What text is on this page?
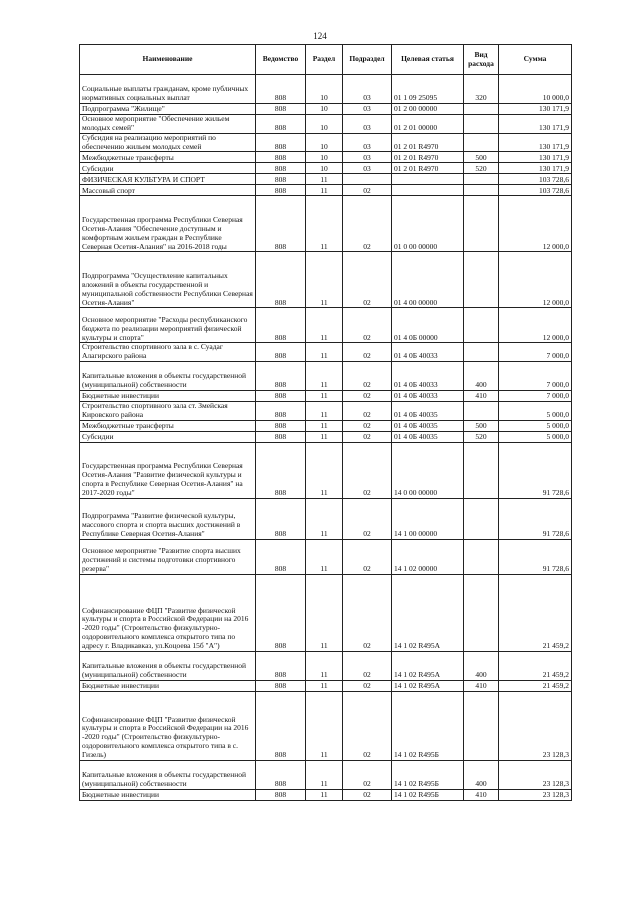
124
Наименование	Ведомство	Раздел	Подраздел	Целевая статья	Вид расхода	Сумма
Социальные выплаты гражданам, кроме публичных нормативных социальных выплат	808	10	03	01 1 09 25095	320	10 000,0
Подпрограмма "Жилище"	808	10	03	01 2 00 00000		130 171,9
Основное мероприятие "Обеспечение жильем молодых семей"	808	10	03	01 2 01 00000		130 171,9
Субсидия на реализацию мероприятий по обеспечению жильем молодых семей	808	10	03	01 2 01 R4970		130 171,9
Межбюджетные трансферты	808	10	03	01 2 01 R4970	500	130 171,9
Субсидии	808	10	03	01 2 01 R4970	520	130 171,9
ФИЗИЧЕСКАЯ КУЛЬТУРА И СПОРТ	808	11				103 728,6
Массовый спорт	808	11	02			103 728,6
Государственная программа Республики Северная Осетия-Алания "Обеспечение доступным и комфортным жильем граждан в Республике Северная Осетия-Алания" на 2016-2018 годы	808	11	02	01 0 00 00000		12 000,0
Подпрограмма "Осуществление капитальных вложений в объекты государственной и муниципальной собственности Республики Северная Осетия-Алания"	808	11	02	01 4 00 00000		12 000,0
Основное мероприятие "Расходы республиканского бюджета по реализации мероприятий физической культуры и спорта"	808	11	02	01 4 0Б 00000		12 000,0
Строительство спортивного зала в с. Суадаг Алагирского района	808	11	02	01 4 0Б 40033		7 000,0
Капитальные вложения в объекты государственной (муниципальной) собственности	808	11	02	01 4 0Б 40033	400	7 000,0
Бюджетные инвестиции	808	11	02	01 4 0Б 40033	410	7 000,0
Строительство спортивного зала ст. Змейская Кировского района	808	11	02	01 4 0Б 40035		5 000,0
Межбюджетные трансферты	808	11	02	01 4 0Б 40035	500	5 000,0
Субсидии	808	11	02	01 4 0Б 40035	520	5 000,0
Государственная программа Республики Северная Осетия-Алания "Развитие физической культуры и спорта в Республике Северная Осетия-Алания" на 2017-2020 годы"	808	11	02	14 0 00 00000		91 728,6
Подпрограмма "Развитие физической культуры, массового спорта и спорта высших достижений в Республике Северная Осетия-Алания"	808	11	02	14 1 00 00000		91 728,6
Основное мероприятие "Развитие спорта высших достижений и системы подготовки спортивного резерва"	808	11	02	14 1 02 00000		91 728,6
Софинансирование ФЦП "Развитие физической культуры и спорта в Российской Федерации на 2016 -2020 годы" (Строительство физкультурно-оздоровительного комплекса открытого типа по адресу г. Владикавказ, ул.Коцоева 15б "А")	808	11	02	14 1 02 R495А		21 459,2
Капитальные вложения в объекты государственной (муниципальной) собственности	808	11	02	14 1 02 R495А	400	21 459,2
Бюджетные инвестиции	808	11	02	14 1 02 R495А	410	21 459,2
Софинансирование ФЦП "Развитие физической культуры и спорта в Российской Федерации на 2016 -2020 годы" (Строительство физкультурно-оздоровительного комплекса открытого типа в с. Гизель)	808	11	02	14 1 02 R495Б		23 128,3
Капитальные вложения в объекты государственной (муниципальной) собственности	808	11	02	14 1 02 R495Б	400	23 128,3
Бюджетные инвестиции	808	11	02	14 1 02 R495Б	410	23 128,3
